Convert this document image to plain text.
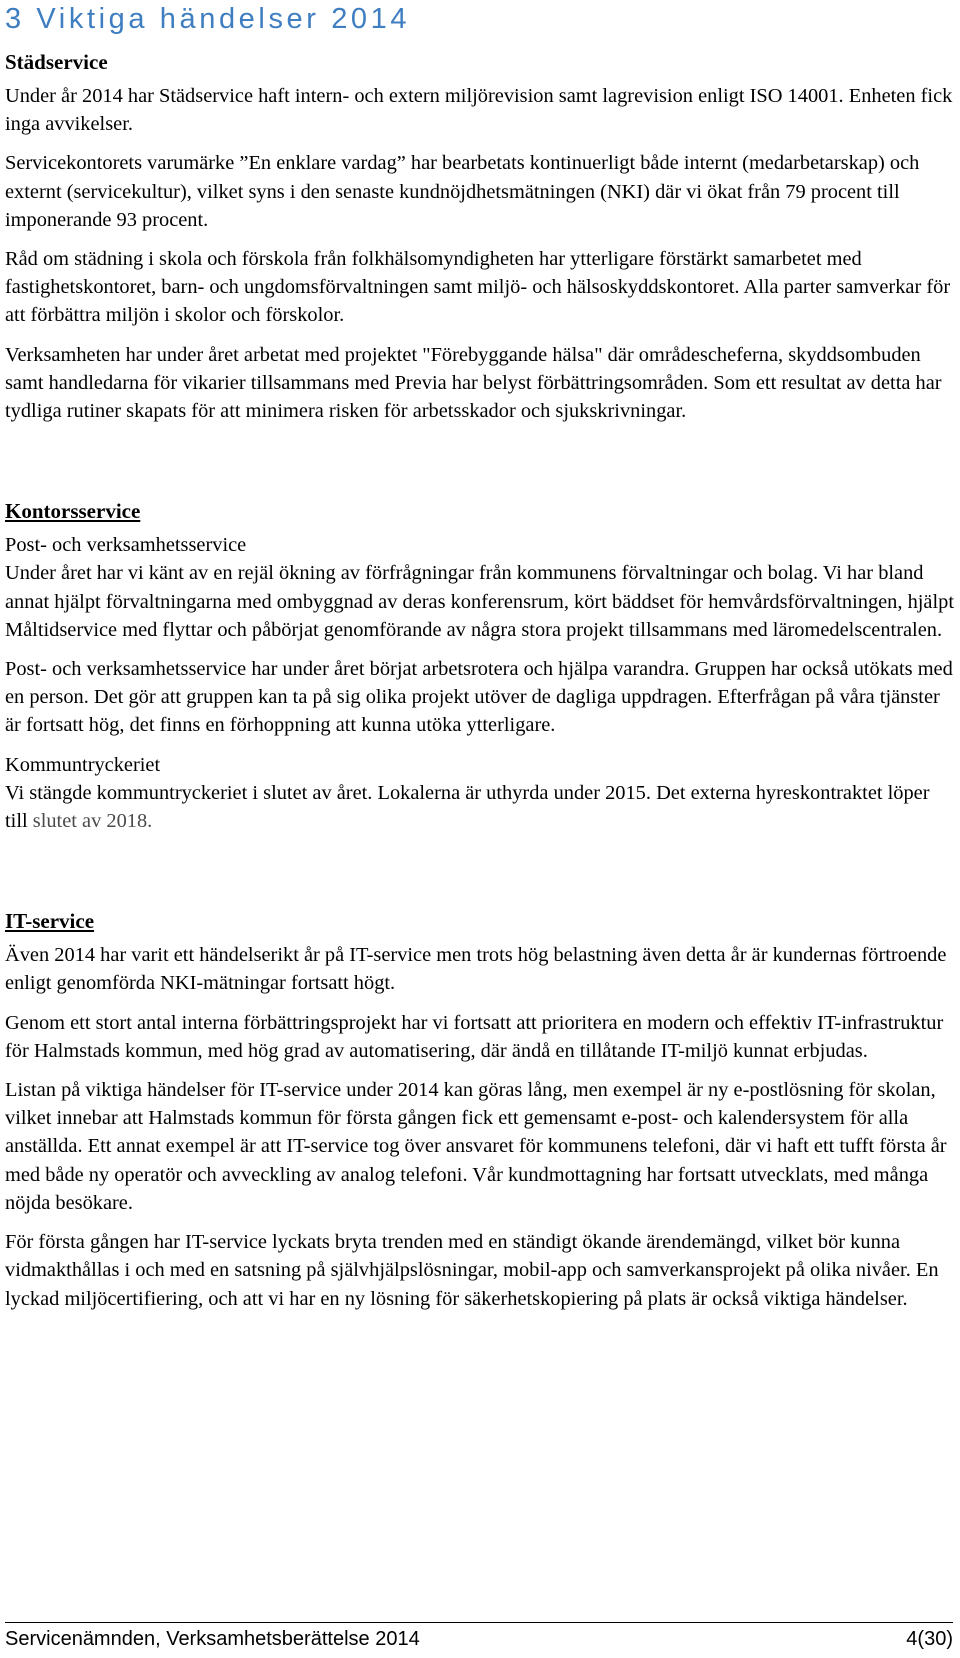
3 Viktiga händelser 2014
Städservice

Under år 2014 har Städservice haft intern- och extern miljörevision samt lagrevision enligt ISO 14001. Enheten fick inga avvikelser.

Servicekontorets varumärke ”En enklare vardag” har bearbetats kontinuerligt både internt (medarbetarskap) och externt (servicekultur), vilket syns i den senaste kundnöjdhetsmätningen (NKI) där vi ökat från 79 procent till imponerande 93 procent.

Råd om städning i skola och förskola från folkhälsomyndigheten har ytterligare förstärkt samarbetet med fastighetskontoret, barn- och ungdomsförvaltningen samt miljö- och hälsoskyddskontoret. Alla parter samverkar för att förbättra miljön i skolor och förskolor.

Verksamheten har under året arbetat med projektet "Förebyggande hälsa" där områdescheferna, skyddsombuden samt handledarna för vikarier tillsammans med Previa har belyst förbättringsområden. Som ett resultat av detta har tydliga rutiner skapats för att minimera risken för arbetsskador och sjukskrivningar.

Kontorsservice

Post- och verksamhetsservice

Under året har vi känt av en rejäl ökning av förfrågningar från kommunens förvaltningar och bolag. Vi har bland annat hjälpt förvaltningarna med ombyggnad av deras konferensrum, kört bäddset för hemvårdsförvaltningen, hjälpt Måltidservice med flyttar och påbörjat genomförande av några stora projekt tillsammans med läromedelscentralen.

Post- och verksamhetsservice har under året börjat arbetsrotera och hjälpa varandra. Gruppen har också utökats med en person. Det gör att gruppen kan ta på sig olika projekt utöver de dagliga uppdragen. Efterfrågan på våra tjänster är fortsatt hög, det finns en förhoppning att kunna utöka ytterligare.

Kommuntryckeriet

Vi stängde kommuntryckeriet i slutet av året. Lokalerna är uthyrda under 2015. Det externa hyreskontraktet löper till slutet av 2018.

IT-service

Även 2014 har varit ett händelserikt år på IT-service men trots hög belastning även detta år är kundernas förtroende enligt genomförda NKI-mätningar fortsatt högt.

Genom ett stort antal interna förbättringsprojekt har vi fortsatt att prioritera en modern och effektiv IT-infrastruktur för Halmstads kommun, med hög grad av automatisering, där ändå en tillåtande IT-miljö kunnat erbjudas.

Listan på viktiga händelser för IT-service under 2014 kan göras lång, men exempel är ny e-postlösning för skolan, vilket innebar att Halmstads kommun för första gången fick ett gemensamt e-post- och kalendersystem för alla anställda. Ett annat exempel är att IT-service tog över ansvaret för kommunens telefoni, där vi haft ett tufft första år med både ny operatör och avveckling av analog telefoni. Vår kundmottagning har fortsatt utvecklats, med många nöjda besökare.

För första gången har IT-service lyckats bryta trenden med en ständigt ökande ärendemängd, vilket bör kunna vidmakthållas i och med en satsning på självhjälpslösningar, mobil-app och samverkansprojekt på olika nivåer. En lyckad miljöcertifiering, och att vi har en ny lösning för säkerhetskopiering på plats är också viktiga händelser.

Servicenämnden, Verksamhetsberättelse 2014	4(30)
